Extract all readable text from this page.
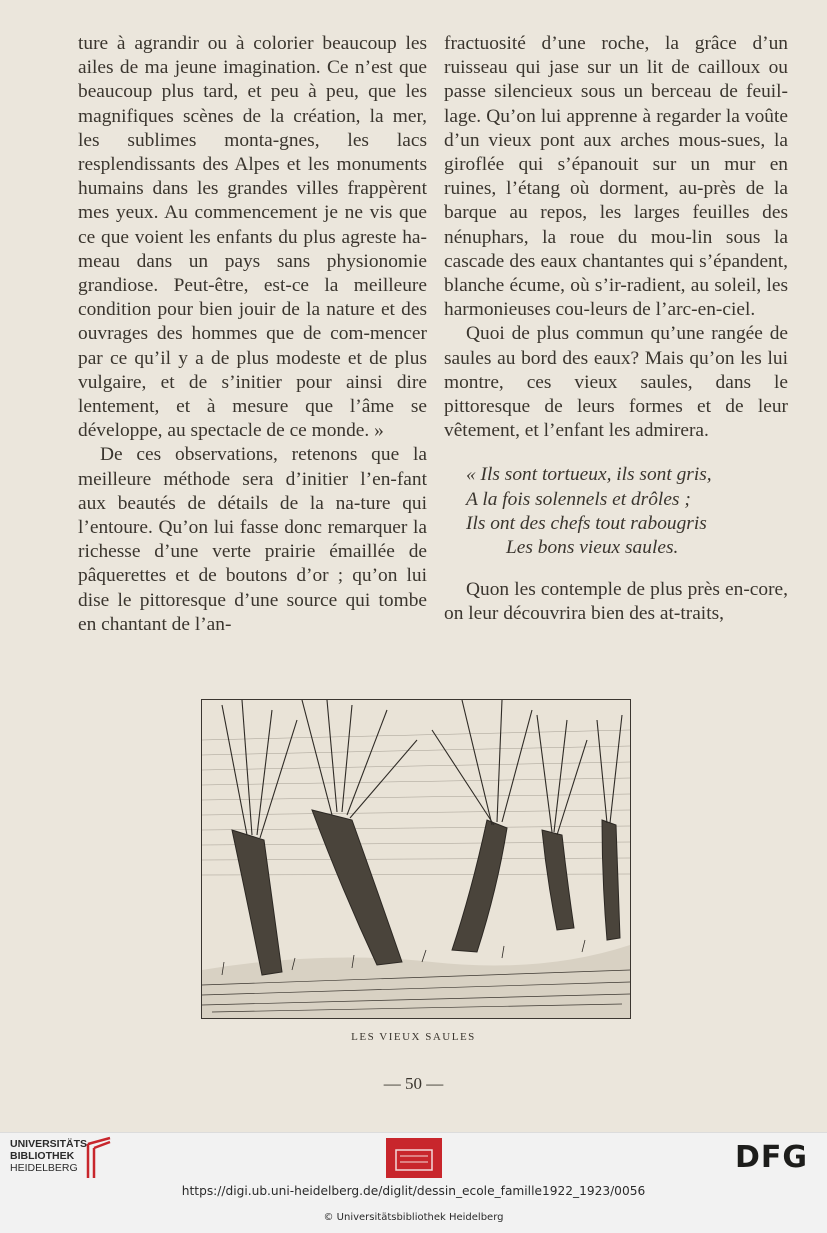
ture à agrandir ou à colorier beaucoup les ailes de ma jeune imagination. Ce n’est que beaucoup plus tard, et peu à peu, que les magnifiques scènes de la création, la mer, les sublimes monta-gnes, les lacs resplendissants des Alpes et les monuments humains dans les grandes villes frappèrent mes yeux. Au commencement je ne vis que ce que voient les enfants du plus agreste ha-meau dans un pays sans physionomie grandiose. Peut-être, est-ce la meilleure condition pour bien jouir de la nature et des ouvrages des hommes que de com-mencer par ce qu’il y a de plus modeste et de plus vulgaire, et de s’initier pour ainsi dire lentement, et à mesure que l’âme se développe, au spectacle de ce monde. »

De ces observations, retenons que la meilleure méthode sera d’initier l’en-fant aux beautés de détails de la na-ture qui l’entoure. Qu’on lui fasse donc remarquer la richesse d’une verte prairie émaillée de pâquerettes et de boutons d’or ; qu’on lui dise le pittoresque d’une source qui tombe en chantant de l’an-

fractuosité d’une roche, la grâce d’un ruisseau qui jase sur un lit de cailloux ou passe silencieux sous un berceau de feuil-lage. Qu’on lui apprenne à regarder la voûte d’un vieux pont aux arches mous-sues, la giroflée qui s’épanouit sur un mur en ruines, l’étang où dorment, au-près de la barque au repos, les larges feuilles des nénuphars, la roue du mou-lin sous la cascade des eaux chantantes qui s’épandent, blanche écume, où s’ir-radient, au soleil, les harmonieuses cou-leurs de l’arc-en-ciel.

Quoi de plus commun qu’une rangée de saules au bord des eaux? Mais qu’on les lui montre, ces vieux saules, dans le pittoresque de leurs formes et de leur vêtement, et l’enfant les admirera.

« Ils sont tortueux, ils sont gris,
A la fois solennels et drôles ;
Ils ont des chefs tout rabougris
Les bons vieux saules.

Quon les contemple de plus près en-core, on leur découvrira bien des at-traits,

LES VIEUX SAULES
— 50 —
UNIVERSITÄTS-
BIBLIOTHEK
HEIDELBERG	DFG
https://digi.ub.uni-heidelberg.de/diglit/dessin_ecole_famille1922_1923/0056
© Universitätsbibliothek Heidelberg
